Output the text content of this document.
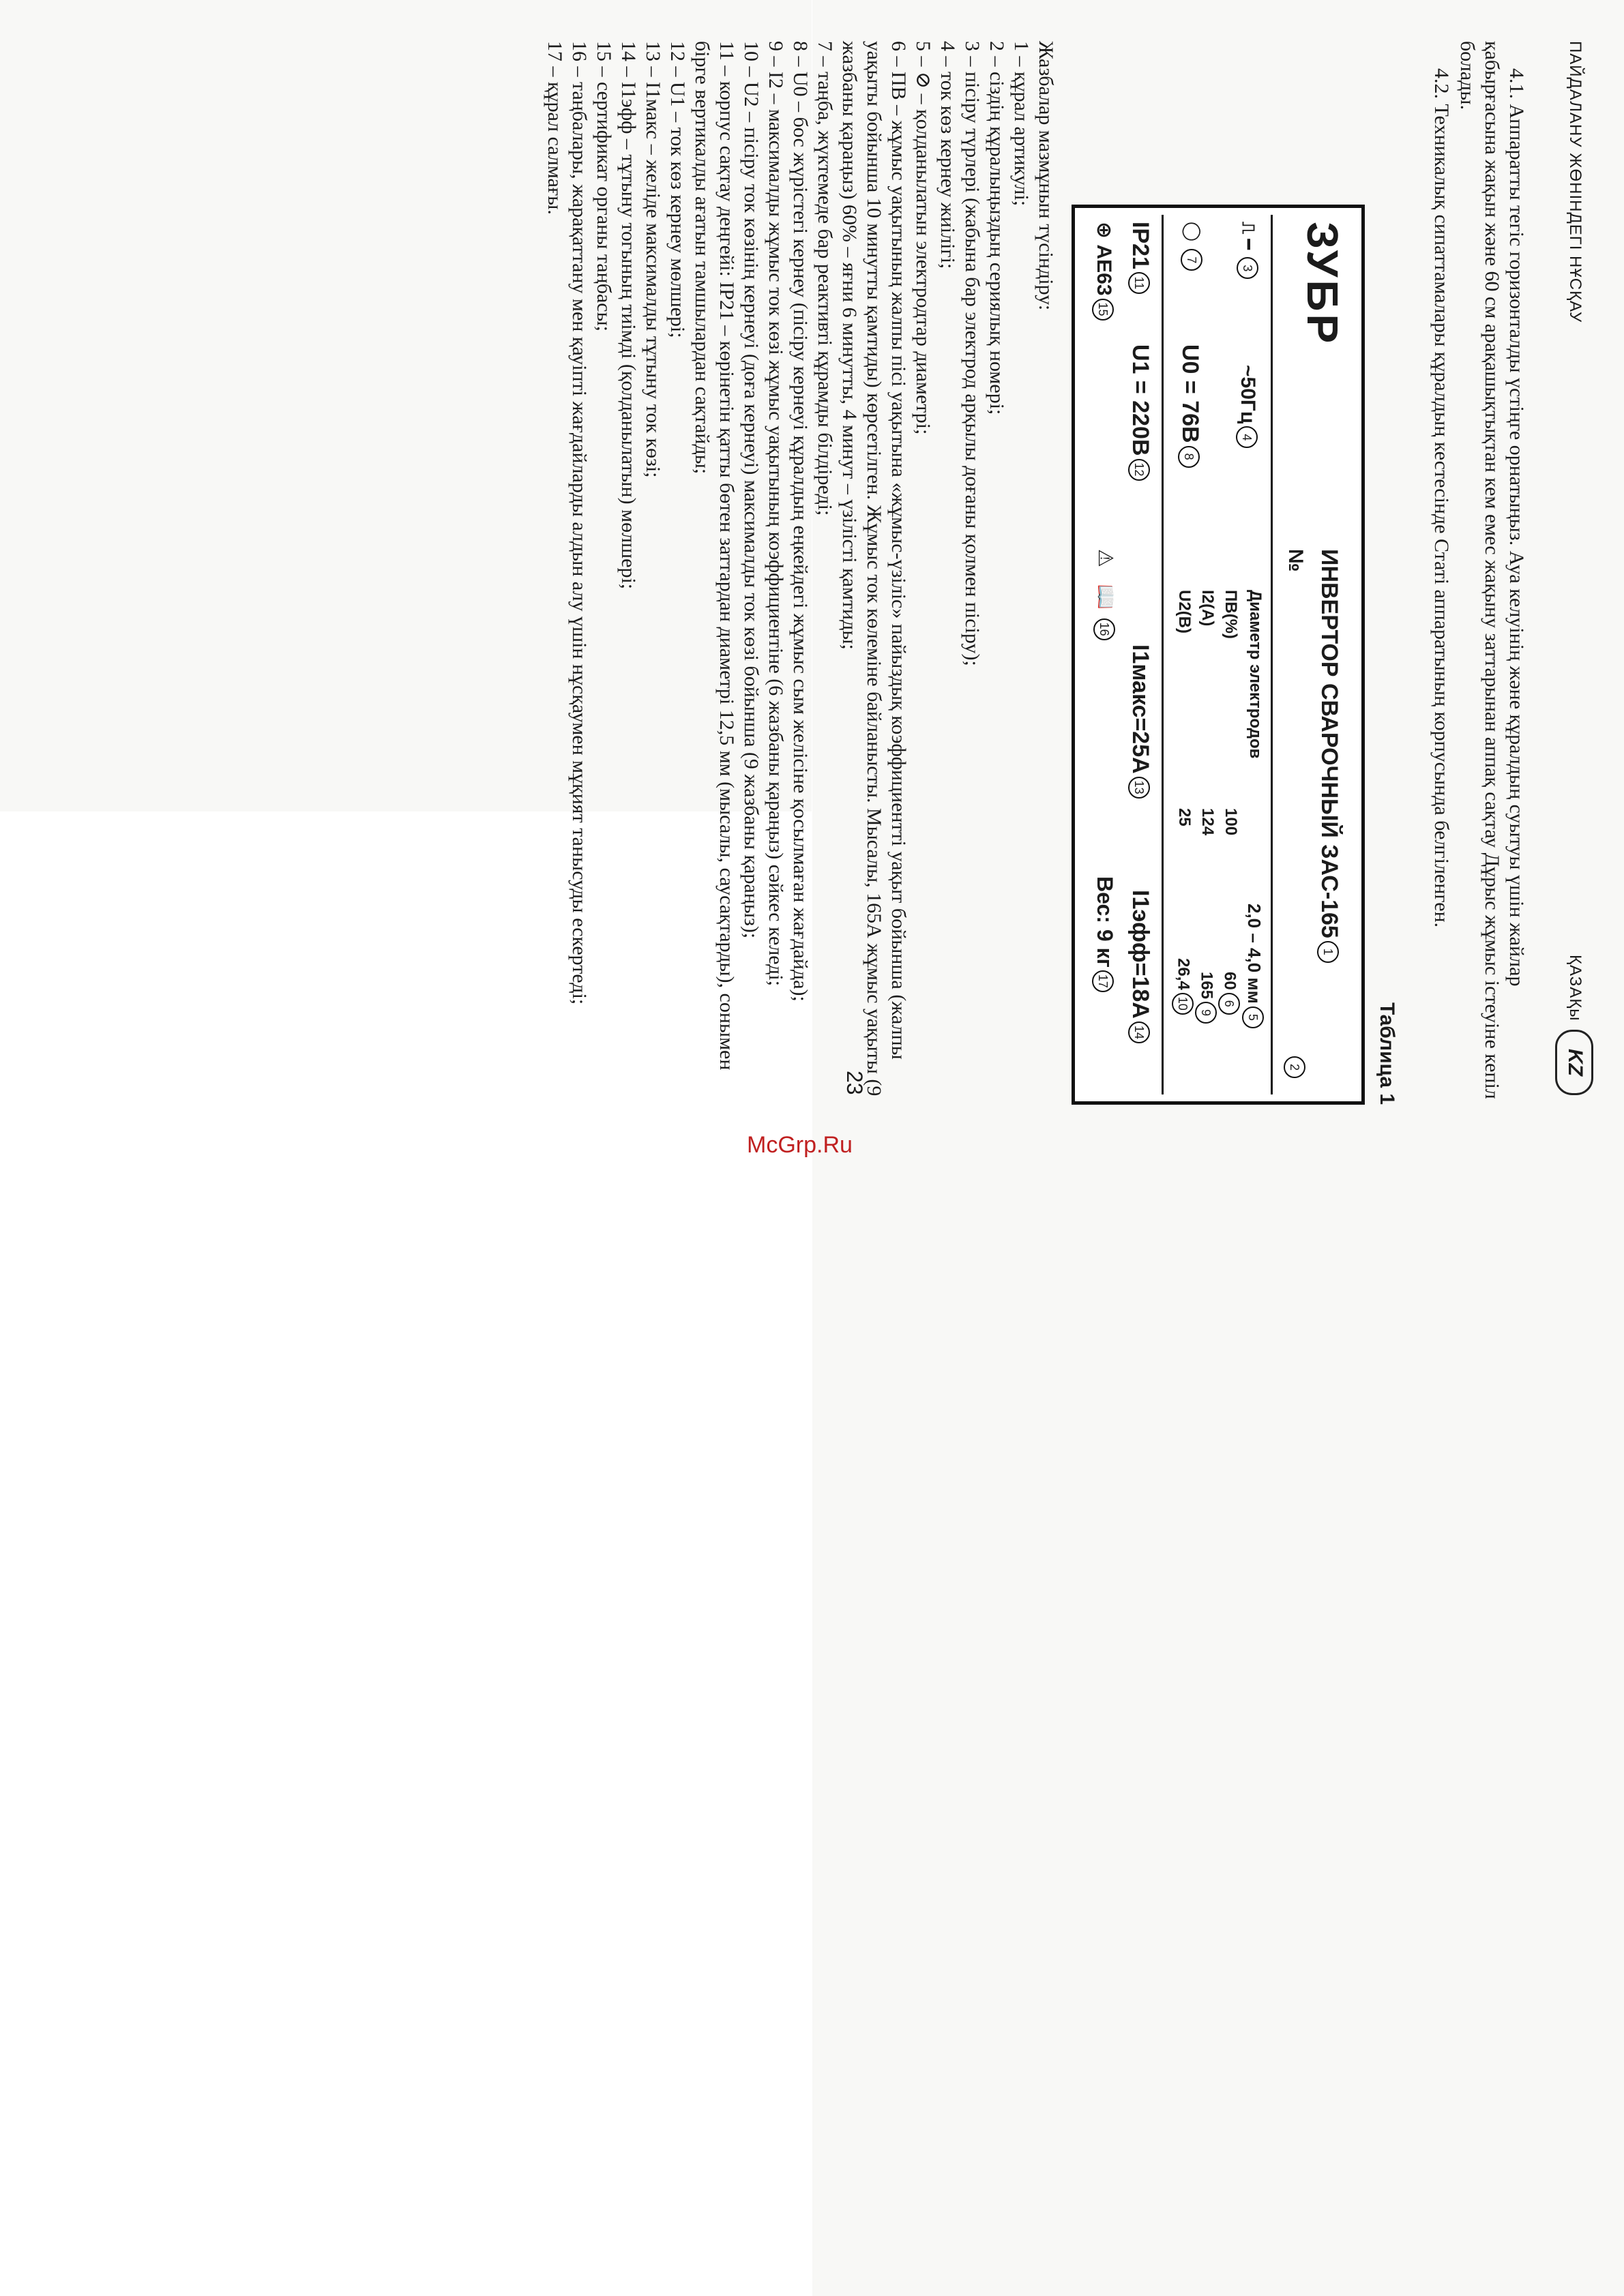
ПАЙДАЛАНУ ЖӨНІНДЕГІ НҰСҚАУ
ҚАЗАҚы
KZ
4.1. Аппаратты тегіс горизонталды үстіңге орнатыңыз. Ауа келуінің және құралдың суытуы үшін жайлар қабырғасына жақын және 60 см арақашықтықтан кем емес жақыну заттарынан аппақ сақтау Дұрыс жұмыс істеуіне кепіл болады.
4.2. Техникалық сипаттамалары құралдың кестесінде Статі аппаратының корпусында белгіленген.
Таблица 1
ЗУБР
ИНВЕРТОР СВАРОЧНЫЙ ЗАС-1651
№
2
⎍ ━ 3
~50Гц4
Диаметр электродов
2,0 – 4,0 мм5
ПВ(%)
100
606
I2(A)
124
1659
U2(B)
25
26,410
◯ 7
U0 = 76В8
IP2111
U1 = 220В12
I1макс=25А13
I1эфф=18А14
⊕ АЕ6315
⚠   📖 16
Вес: 9 кг17
Жазбалар мазмұнын түсіндіру:
1 – құрал артикулі;
2 – сіздің құралыңыздың сериялық номері;
3 – пісіру түрлері (жабына бар электрод арқылы доғаны қолмен пісіру);
4 – ток көз кернеу жиілігі;
5 – ⊘ – қолданылатын электродтар диаметрі;
6 – ПВ – жұмыс уақытының жалпы пісі уақытына «жұмыс-үзіліс» пайыздық коэффициентті уақыт бойынша (жалпы уақыты бойынша 10 минутты қамтиды) көрсетілген. Жұмыс ток көлеміне байланысты. Мысалы, 165А жұмыс уақыты (9 жазбаны қараңыз) 60% – яғни 6 минутты, 4 минут – үзілісті қамтиды;
7 – таңба, жүктемеде бар реактивті құрамды білдіреді;
8 – U0 – бос жүрістегі кернеу (пісіру кернеуі құралдың еңкейдегі жұмыс сым желісіне қосылмаған жағдайда);
9 – I2 – максималды жұмыс ток көзі жұмыс уақытының коэффициентіне (6 жазбаны қараңыз) сәйкес келеді;
10 – U2 – пісіру ток көзінің кернеуі (доға кернеуі) максималды ток көзі бойынша (9 жазбаны қараңыз);
11 – корпус сақтау деңгейі: IP21 – көрінетін қатты бөтен заттардан диаметрі 12,5 мм (мысалы, саусақтарды), сонымен бірге вертикалды ағатын тамшылардан сақтайды;
12 – U1 – ток көз кернеу мөлшері;
13 – I1макс – желіде максималды тұтыну ток көзі;
14 – I1эфф – тұтыну тогының тиімді (қолданылатын) мөлшері;
15 – сертификат органы таңбасы;
16 – таңбалары, жарақаттану мен қауіпті жағдайларды алдын алу үшін нұсқаумен мұқият танысуды ескертеді;
17 – құрал салмағы.
23
McGrp.Ru
